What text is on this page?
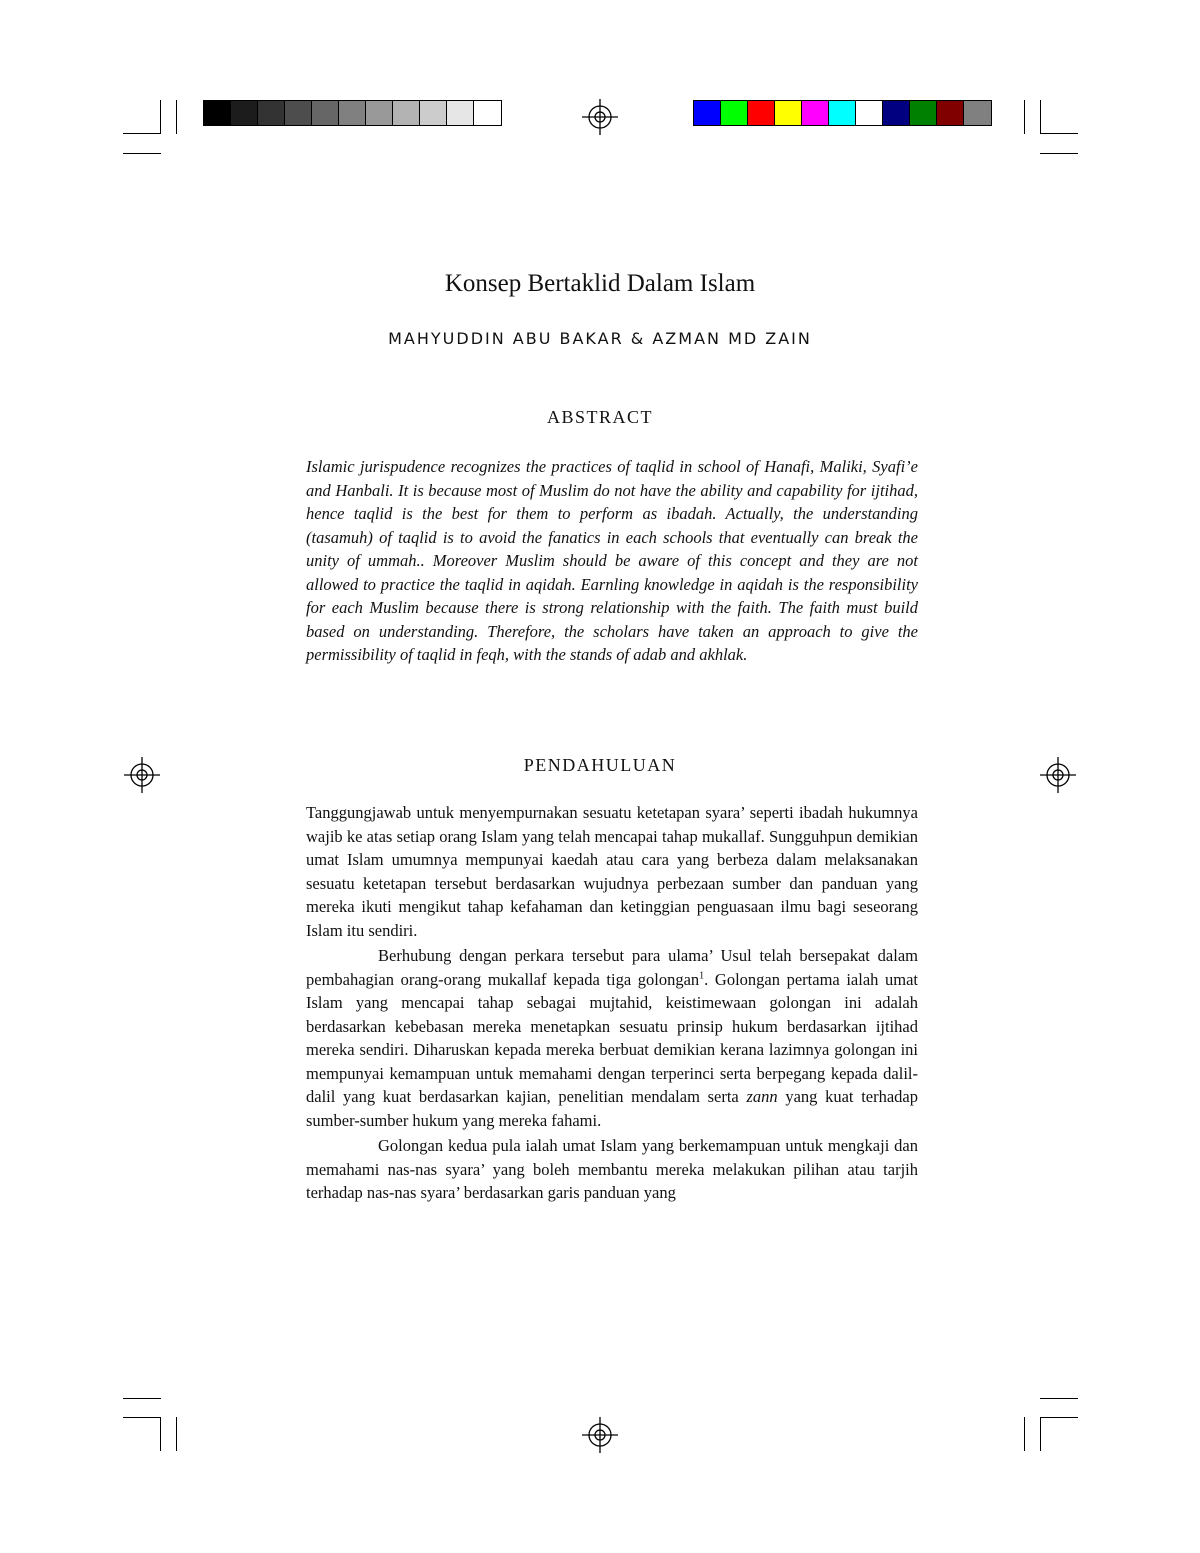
Konsep Bertaklid Dalam Islam
MAHYUDDIN ABU BAKAR & AZMAN MD ZAIN
ABSTRACT

Islamic jurispudence recognizes the practices of taqlid in school of Hanafi, Maliki, Syafi’e and Hanbali. It is because most of Muslim do not have the ability and capability for ijtihad, hence taqlid is the best for them to perform as ibadah. Actually, the understanding (tasamuh) of taqlid is to avoid the fanatics in each schools that eventually can break the unity of ummah.. Moreover Muslim should be aware of this concept and they are not allowed to practice the taqlid in aqidah. Earnling knowledge in aqidah is the responsibility for each Muslim because there is strong relationship with the faith. The faith must build based on understanding. Therefore, the scholars have taken an approach to give the permissibility of taqlid in feqh, with the stands of adab and akhlak.

PENDAHULUAN

Tanggungjawab untuk menyempurnakan sesuatu ketetapan syara’ seperti ibadah hukumnya wajib ke atas setiap orang Islam yang telah mencapai tahap mukallaf. Sungguhpun demikian umat Islam umumnya mempunyai kaedah atau cara yang berbeza dalam melaksanakan sesuatu ketetapan tersebut berdasarkan wujudnya perbezaan sumber dan panduan yang mereka ikuti mengikut tahap kefahaman dan ketinggian penguasaan ilmu bagi seseorang Islam itu sendiri.

Berhubung dengan perkara tersebut para ulama’ Usul telah bersepakat dalam pembahagian orang-orang mukallaf kepada tiga golongan$^1$. Golongan pertama ialah umat Islam yang mencapai tahap sebagai mujtahid, keistimewaan golongan ini adalah berdasarkan kebebasan mereka menetapkan sesuatu prinsip hukum berdasarkan ijtihad mereka sendiri. Diharuskan kepada mereka berbuat demikian kerana lazimnya golongan ini mempunyai kemampuan untuk memahami dengan terperinci serta berpegang kepada dalil-dalil yang kuat berdasarkan kajian, penelitian mendalam serta zann yang kuat terhadap sumber-sumber hukum yang mereka fahami.

Golongan kedua pula ialah umat Islam yang berkemampuan untuk mengkaji dan memahami nas-nas syara’ yang boleh membantu mereka melakukan pilihan atau tarjih terhadap nas-nas syara’ berdasarkan garis panduan yang
